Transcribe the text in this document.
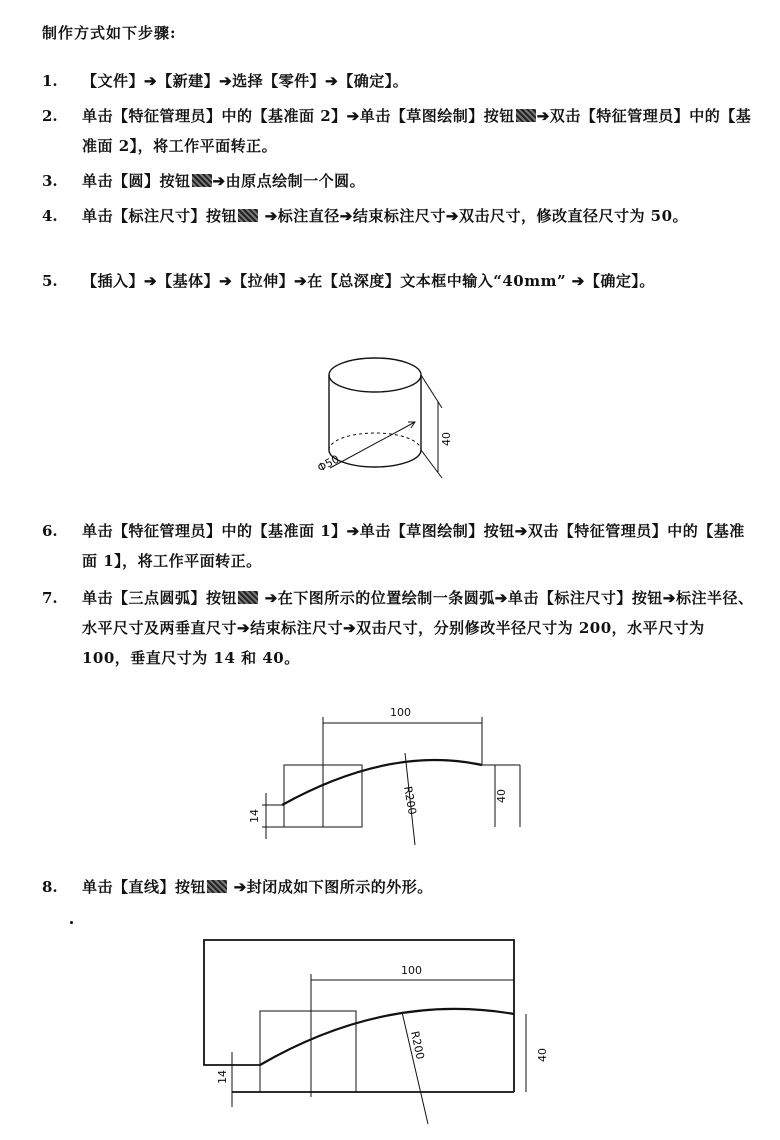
制作方式如下步骤:
1.	【文件】➔【新建】➔选择【零件】➔【确定】。
2.	单击【特征管理员】中的【基准面 2】➔单击【草图绘制】按钮 ➔双击【特征管理员】中的【基准面 2】，将工作平面转正。
3.	单击【圆】按钮 ➔由原点绘制一个圆。
4.	单击【标注尺寸】按钮 ➔标注直径➔结束标注尺寸➔双击尺寸，修改直径尺寸为 50。
5.	【插入】➔【基体】➔【拉伸】➔在【总深度】文本框中输入“40mm” ➔【确定】。
Φ50
40
6.	单击【特征管理员】中的【基准面 1】➔单击【草图绘制】按钮➔双击【特征管理员】中的【基准面 1】，将工作平面转正。
7.	单击【三点圆弧】按钮 ➔在下图所示的位置绘制一条圆弧➔单击【标注尺寸】按钮➔标注半径、水平尺寸及两垂直尺寸➔结束标注尺寸➔双击尺寸，分别修改半径尺寸为 200，水平尺寸为 100，垂直尺寸为 14 和 40。
100
R200
14
40
8.	单击【直线】按钮 ➔封闭成如下图所示的外形。
100
R200
14
40
